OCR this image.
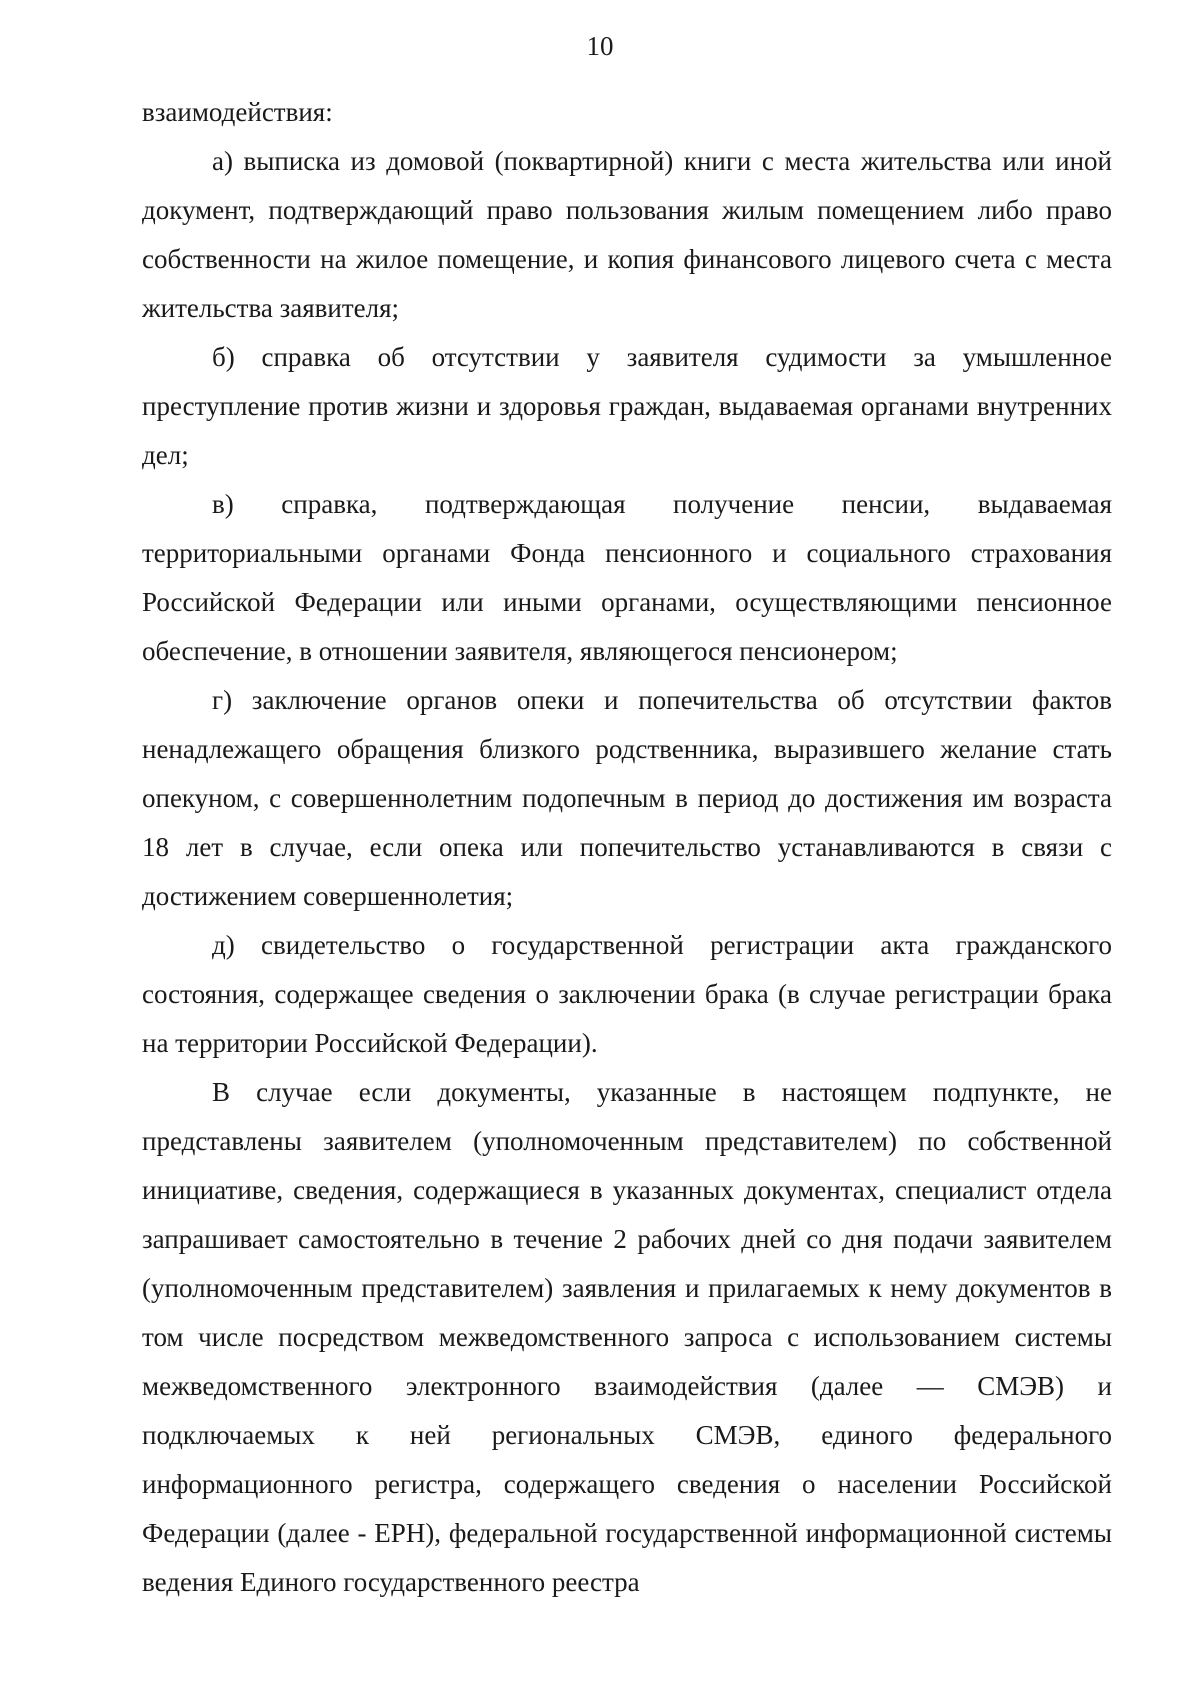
10

взаимодействия:

а) выписка из домовой (поквартирной) книги с места жительства или иной документ, подтверждающий право пользования жилым помещением либо право собственности на жилое помещение, и копия финансового лицевого счета с места жительства заявителя;

б) справка об отсутствии у заявителя судимости за умышленное преступление против жизни и здоровья граждан, выдаваемая органами внутренних дел;

в) справка, подтверждающая получение пенсии, выдаваемая территориальными органами Фонда пенсионного и социального страхования Российской Федерации или иными органами, осуществляющими пенсионное обеспечение, в отношении заявителя, являющегося пенсионером;

г) заключение органов опеки и попечительства об отсутствии фактов ненадлежащего обращения близкого родственника, выразившего желание стать опекуном, с совершеннолетним подопечным в период до достижения им возраста 18 лет в случае, если опека или попечительство устанавливаются в связи с достижением совершеннолетия;

д) свидетельство о государственной регистрации акта гражданского состояния, содержащее сведения о заключении брака (в случае регистрации брака на территории Российской Федерации).

В случае если документы, указанные в настоящем подпункте, не представлены заявителем (уполномоченным представителем) по собственной инициативе, сведения, содержащиеся в указанных документах, специалист отдела запрашивает самостоятельно в течение 2 рабочих дней со дня подачи заявителем (уполномоченным представителем) заявления и прилагаемых к нему документов в том числе посредством межведомственного запроса с использованием системы межведомственного электронного взаимодействия (далее — СМЭВ) и подключаемых к ней региональных СМЭВ, единого федерального информационного регистра, содержащего сведения о населении Российской Федерации (далее - ЕРН), федеральной государственной информационной системы ведения Единого государственного реестра
